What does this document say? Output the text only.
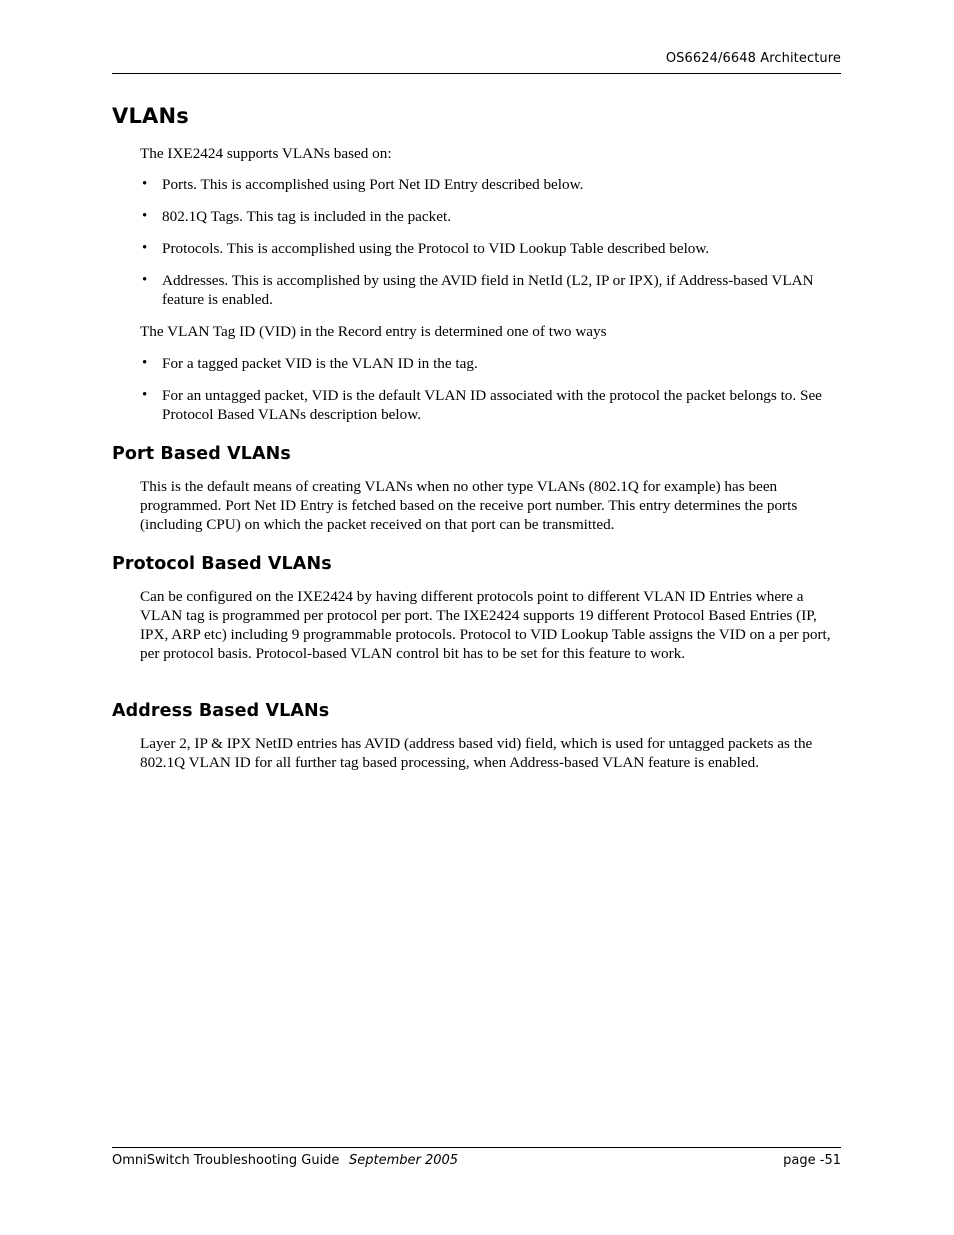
OS6624/6648 Architecture
VLANs

The IXE2424 supports VLANs based on:

• Ports. This is accomplished using Port Net ID Entry described below.
• 802.1Q Tags. This tag is included in the packet.
• Protocols. This is accomplished using the Protocol to VID Lookup Table described below.
• Addresses. This is accomplished by using the AVID field in NetId (L2, IP or IPX), if Address-based VLAN feature is enabled.

The VLAN Tag ID (VID) in the Record entry is determined one of two ways

• For a tagged packet VID is the VLAN ID in the tag.
• For an untagged packet, VID is the default VLAN ID associated with the protocol the packet belongs to. See Protocol Based VLANs description below.
Port Based VLANs

This is the default means of creating VLANs when no other type VLANs (802.1Q for example) has been programmed. Port Net ID Entry is fetched based on the receive port number. This entry determines the ports (including CPU) on which the packet received on that port can be transmitted.

Protocol Based VLANs

Can be configured on the IXE2424 by having different protocols point to different VLAN ID Entries where a VLAN tag is programmed per protocol per port. The IXE2424 supports 19 different Protocol Based Entries (IP, IPX, ARP etc) including 9 programmable protocols. Protocol to VID Lookup Table assigns the VID on a per port, per protocol basis. Protocol-based VLAN control bit has to be set for this feature to work.

Address Based VLANs

Layer 2, IP & IPX NetID entries has AVID (address based vid) field, which is used for untagged packets as the 802.1Q VLAN ID for all further tag based processing, when Address-based VLAN feature is enabled.

OmniSwitch Troubleshooting Guide September 2005	page -51
